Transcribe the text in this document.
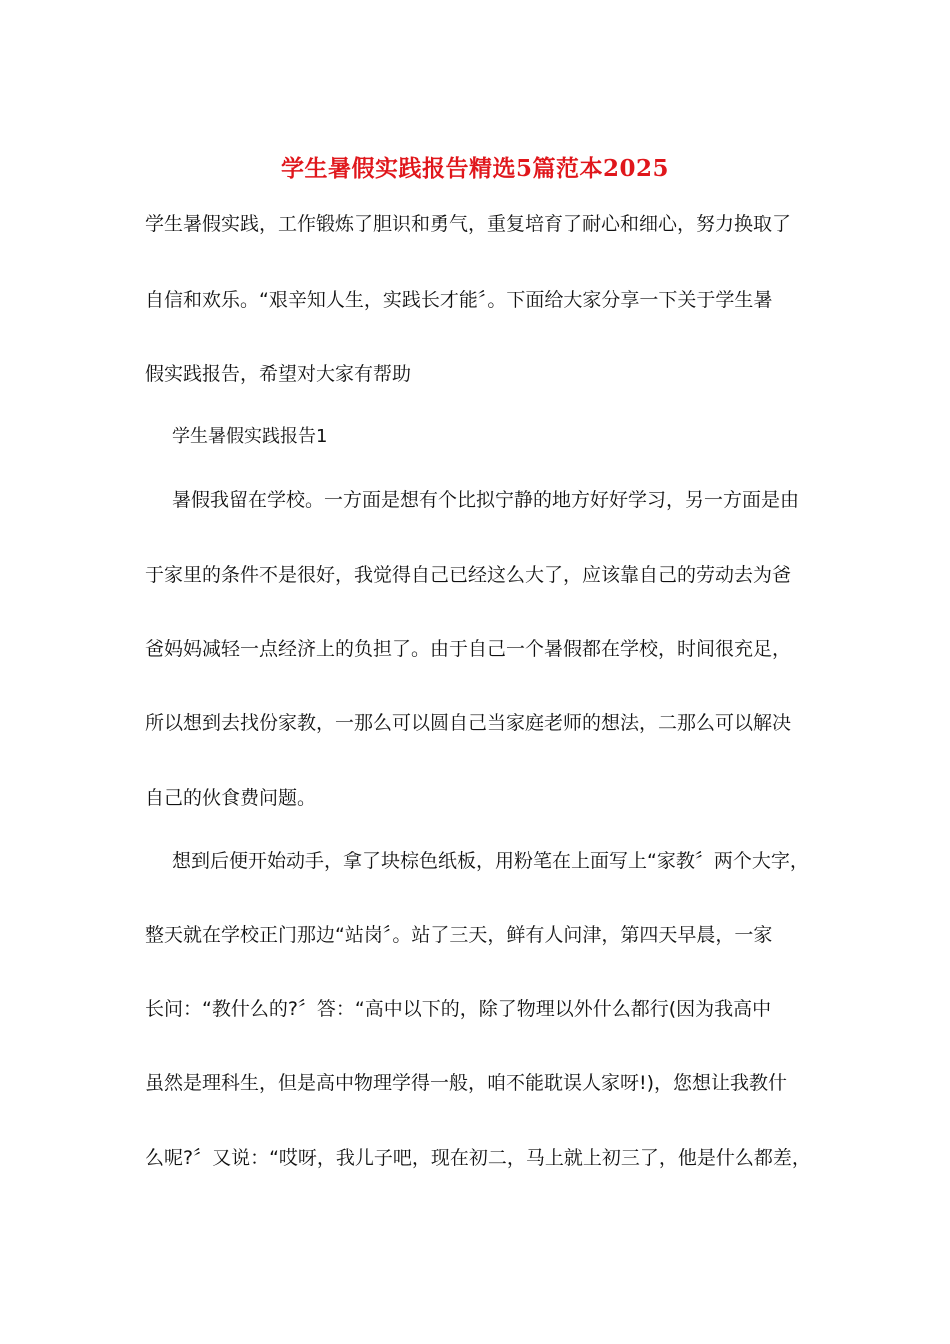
学生暑假实践报告精选5篇范本2025
学生暑假实践，工作锻炼了胆识和勇气，重复培育了耐心和细心，努力换取了
自信和欢乐。“艰辛知人生，实践长才能〞。下面给大家分享一下关于学生暑
假实践报告，希望对大家有帮助
学生暑假实践报告1
暑假我留在学校。一方面是想有个比拟宁静的地方好好学习，另一方面是由
于家里的条件不是很好，我觉得自己已经这么大了，应该靠自己的劳动去为爸
爸妈妈减轻一点经济上的负担了。由于自己一个暑假都在学校，时间很充足，
所以想到去找份家教，一那么可以圆自己当家庭老师的想法，二那么可以解决
自己的伙食费问题。
想到后便开始动手，拿了块棕色纸板，用粉笔在上面写上“家教〞两个大字，
整天就在学校正门那边“站岗〞。站了三天，鲜有人问津，第四天早晨，一家
长问：“教什么的?〞答：“高中以下的，除了物理以外什么都行(因为我高中
虽然是理科生，但是高中物理学得一般，咱不能耽误人家呀!)，您想让我教什
么呢?〞又说：“哎呀，我儿子吧，现在初二，马上就上初三了，他是什么都差，
